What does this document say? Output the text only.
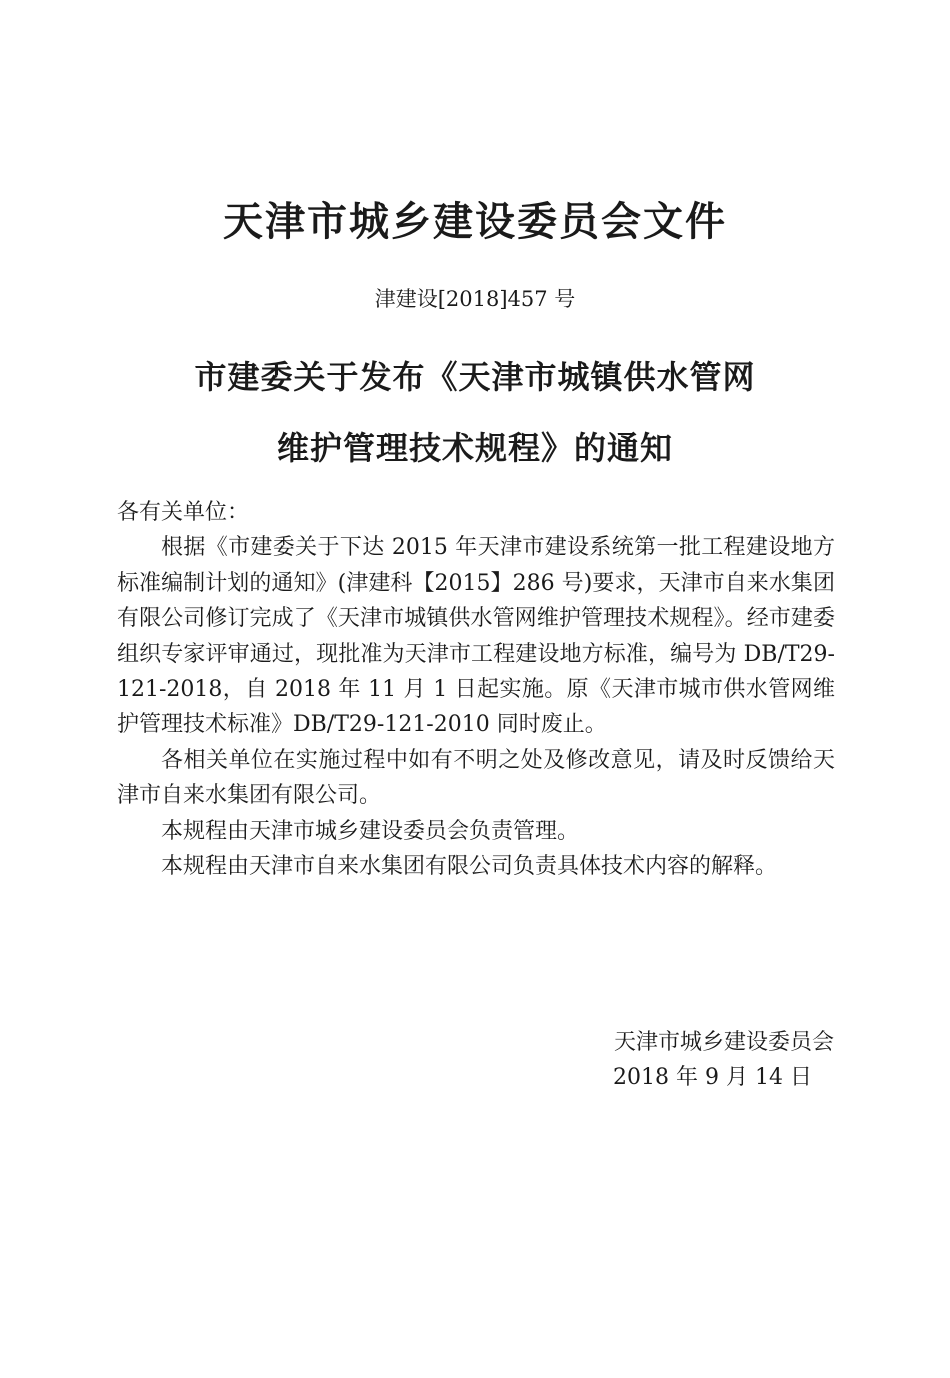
天津市城乡建设委员会文件
津建设[2018]457 号
市建委关于发布《天津市城镇供水管网
维护管理技术规程》的通知

各有关单位：

根据《市建委关于下达 2015 年天津市建设系统第一批工程建设地方标准编制计划的通知》(津建科【2015】286 号)要求，天津市自来水集团有限公司修订完成了《天津市城镇供水管网维护管理技术规程》。经市建委组织专家评审通过，现批准为天津市工程建设地方标准，编号为 DB/T29-121-2018，自 2018 年 11 月 1 日起实施。原《天津市城市供水管网维护管理技术标准》DB/T29-121-2010 同时废止。

各相关单位在实施过程中如有不明之处及修改意见，请及时反馈给天津市自来水集团有限公司。

本规程由天津市城乡建设委员会负责管理。

本规程由天津市自来水集团有限公司负责具体技术内容的解释。

天津市城乡建设委员会
2018 年 9 月 14 日
